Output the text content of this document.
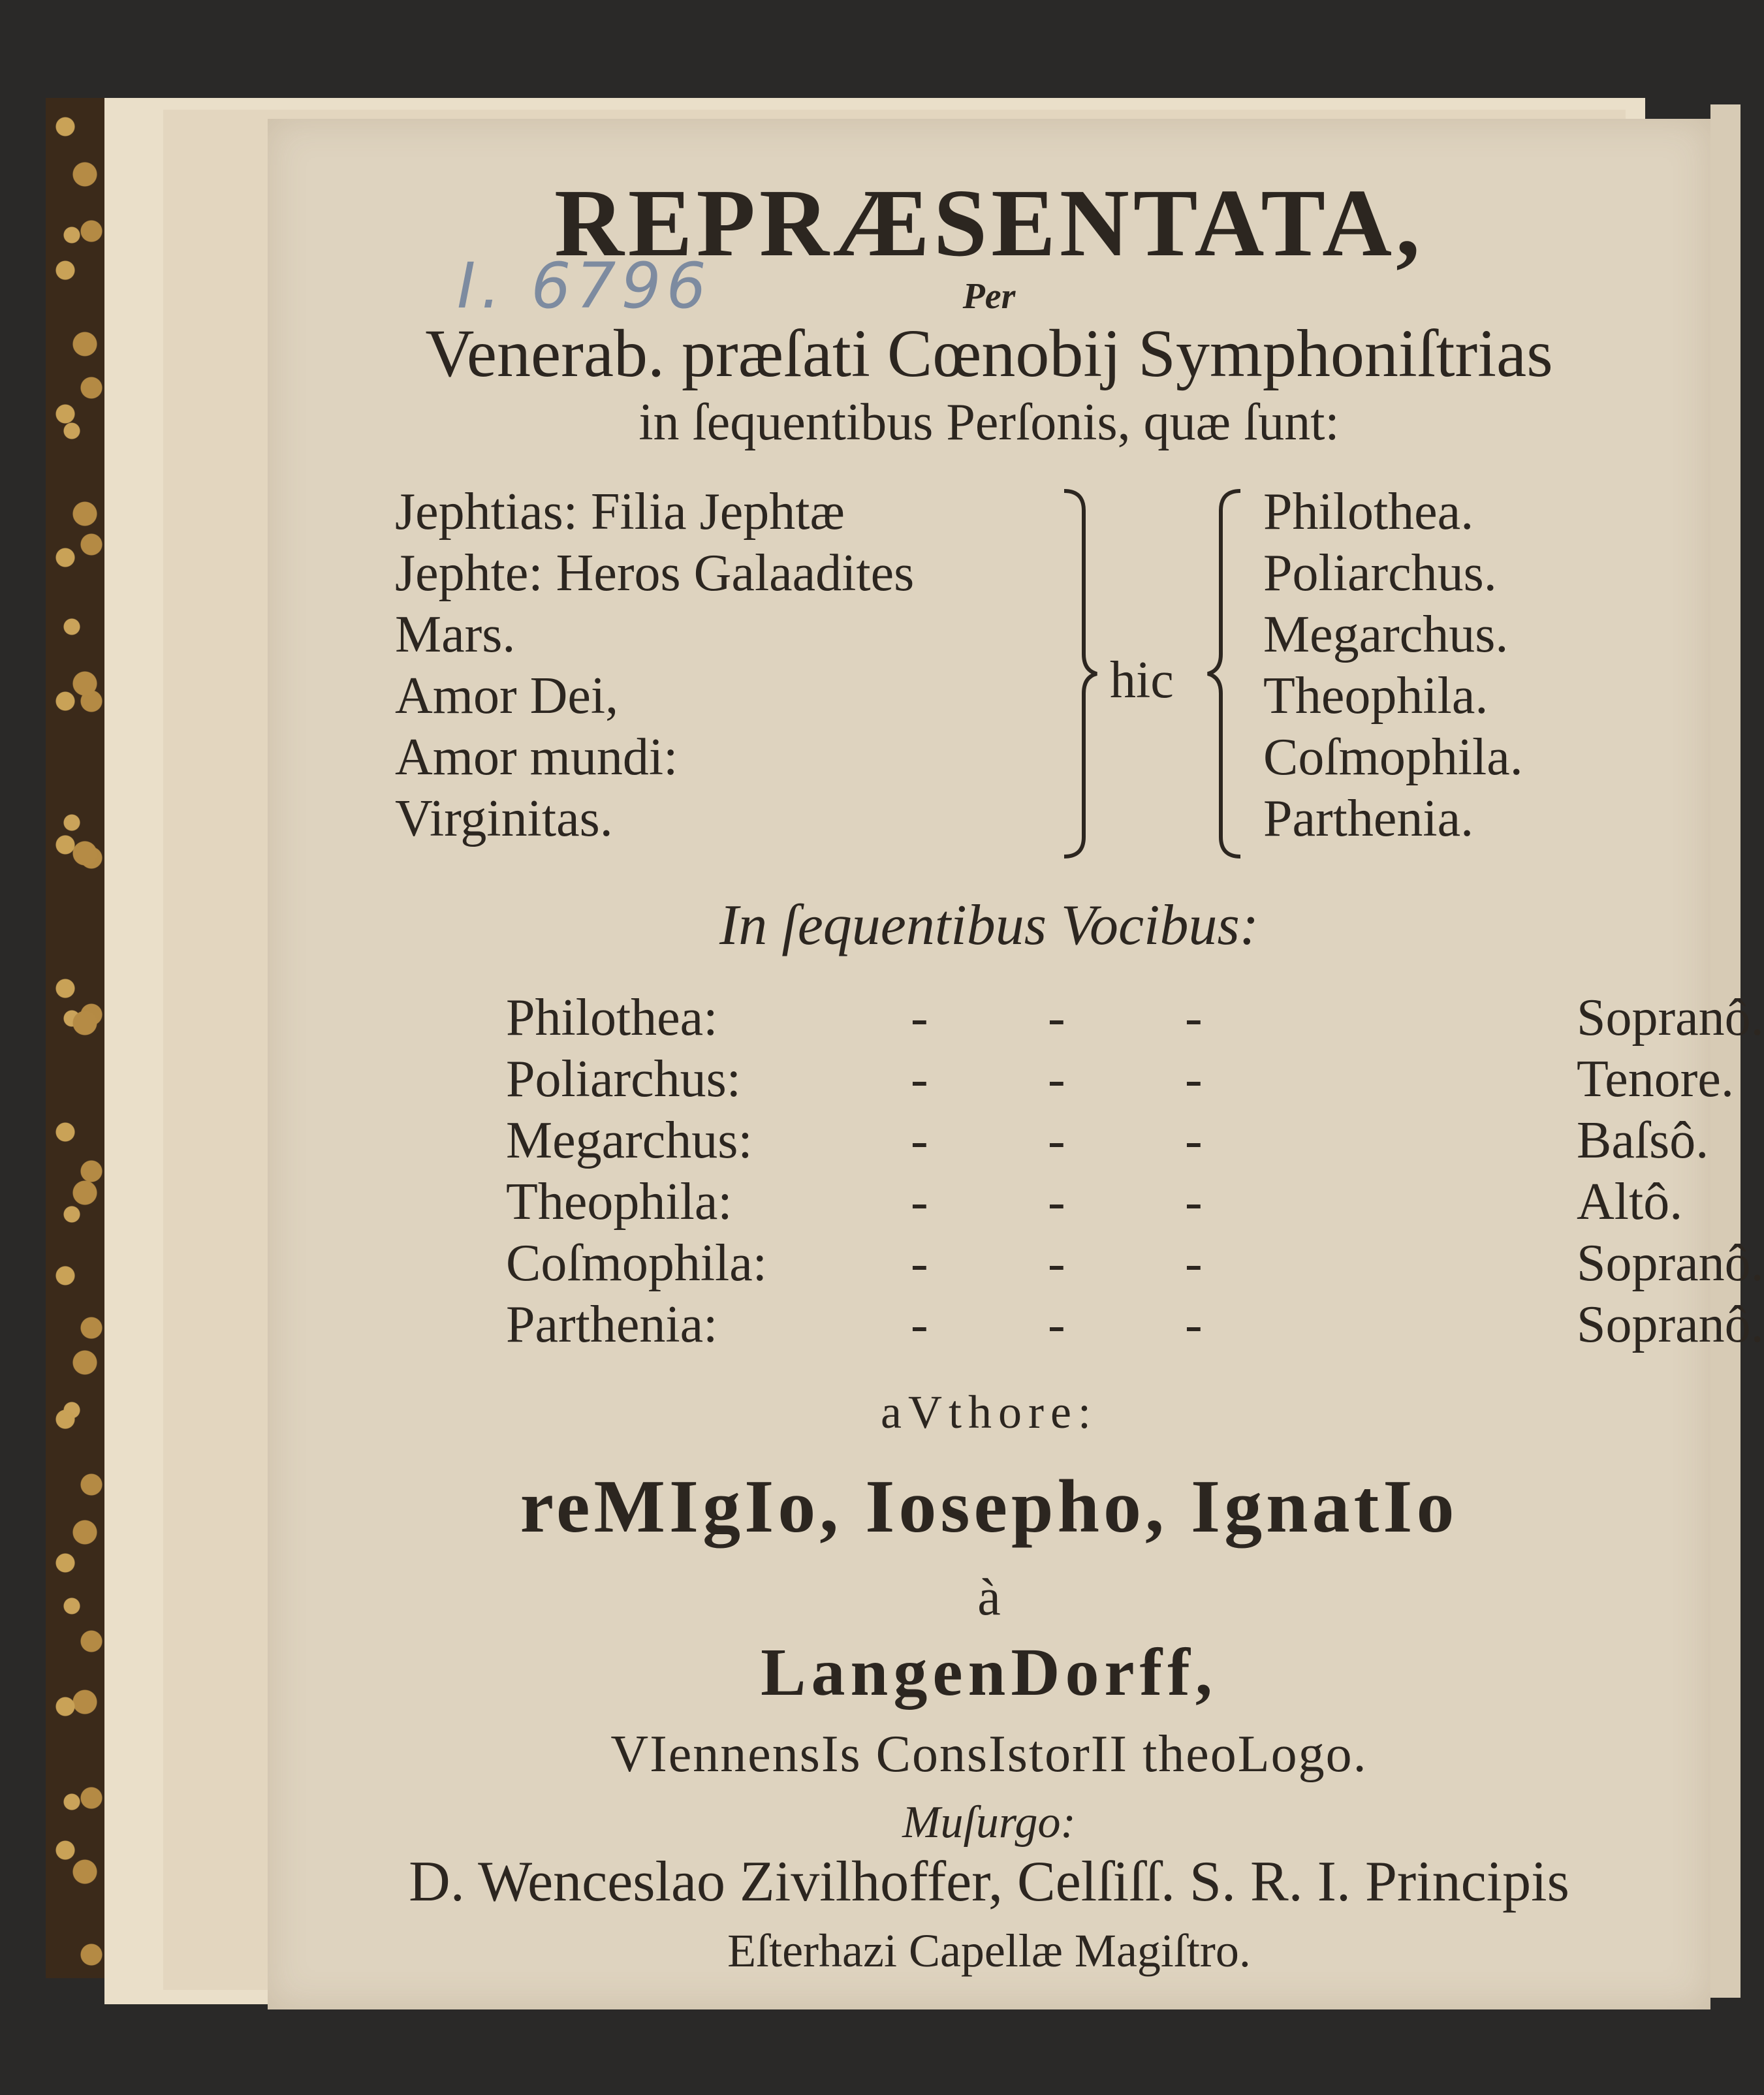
I. 6796
REPRÆSENTATA,
Per
Venerab. præſati Cœnobij Symphoniſtrias
in ſequentibus Perſonis, quæ ſunt:
Jephtias: Filia Jephtæ
Jephte: Heros Galaadites
Mars.
Amor Dei,
Amor mundi:
Virginitas.
hic
Philothea.
Poliarchus.
Megarchus.
Theophila.
Coſmophila.
Parthenia.
In ſequentibus Vocibus:
Philothea:	- - -	Sopranô.
Poliarchus:	- - -	Tenore.
Megarchus:	- - -	Baſsô.
Theophila:	- - -	Altô.
Coſmophila:	- - -	Sopranô.
Parthenia:	- - -	Sopranô.
aVthore:
reMIgIo, Iosepho, IgnatIo
à
LangenDorff,
VIennensIs ConsIstorII theoLogo.
Muſurgo:
D. Wenceslao Zivilhoffer, Celſiſſ. S. R. I. Principis
Eſterhazi Capellæ Magiſtro.
